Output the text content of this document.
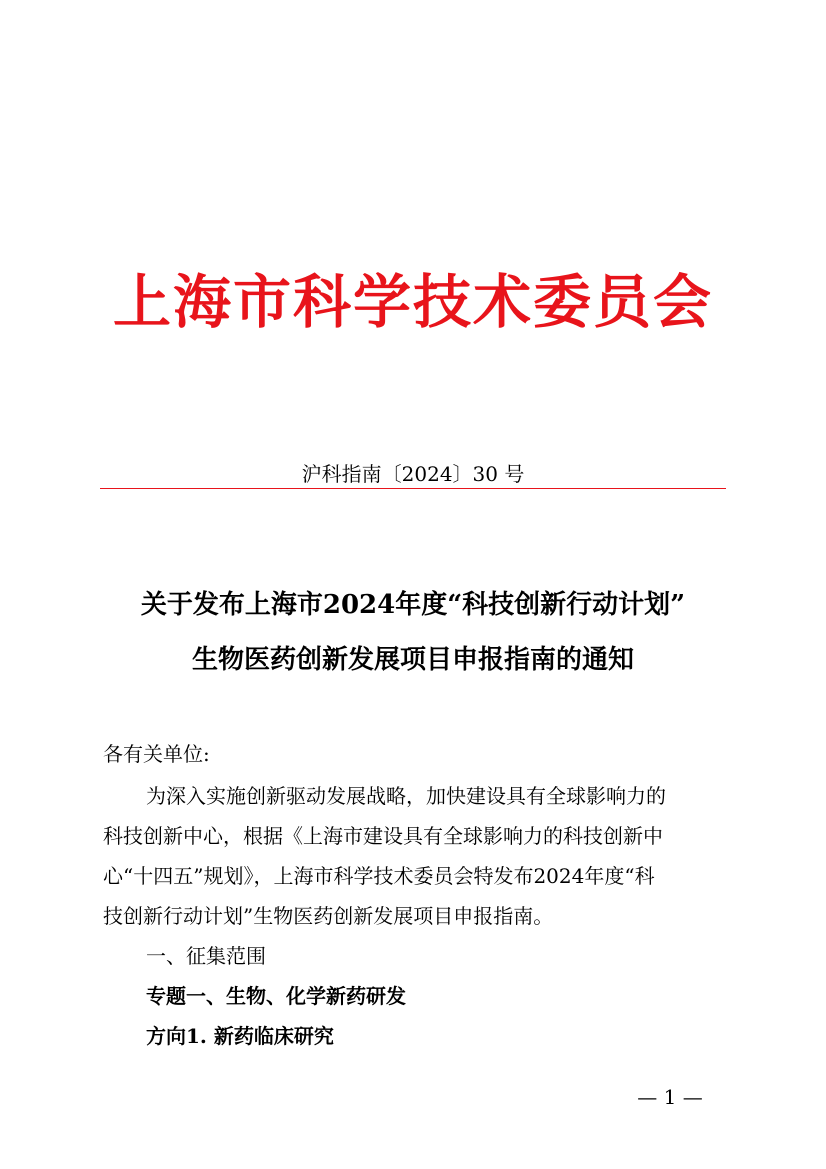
上海市科学技术委员会
沪科指南〔2024〕30 号
关于发布上海市2024年度“科技创新行动计划”
生物医药创新发展项目申报指南的通知
各有关单位:
为深入实施创新驱动发展战略，加快建设具有全球影响力的
科技创新中心，根据《上海市建设具有全球影响力的科技创新中
心“十四五”规划》，上海市科学技术委员会特发布2024年度“科
技创新行动计划”生物医药创新发展项目申报指南。
一、征集范围
专题一、生物、化学新药研发
方向1. 新药临床研究
— 1 —
